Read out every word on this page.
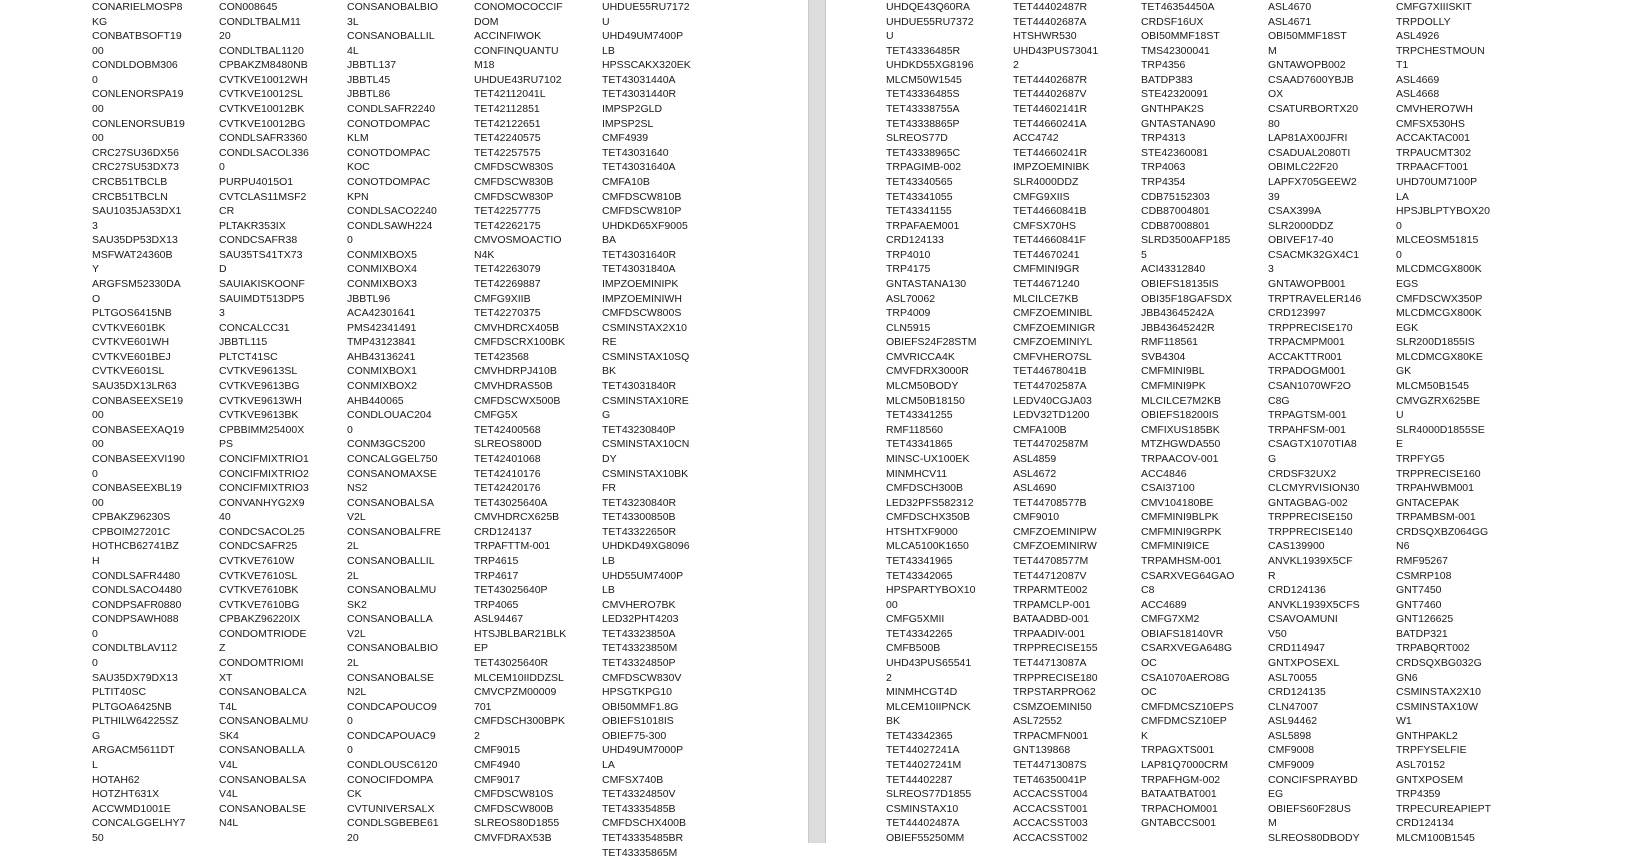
CONARIELMOSP8
KG
CONBATBSOFT19
00
CONDLDOBM306
0
CONLENORSPA19
00
CONLENORSUB19
00
CRC27SU36DX56
CRC27SU53DX73
CRCB51TBCLB
CRCB51TBCLN
SAU1035JA53DX1
3
SAU35DP53DX13
MSFWAT24360B
Y
ARGFSM52330DA
O
PLTGOS6415NB
CVTKVE601BK
CVTKVE601WH
CVTKVE601BEJ
CVTKVE601SL
SAU35DX13LR63
CONBASEEXSE19
00
CONBASEEXAQ19
00
CONBASEEXVI190
0
CONBASEEXBL19
00
CPBAKZ96230S
CPBOIM27201C
HOTHCB62741BZ
H
CONDLSAFR4480
CONDLSACO4480
CONDPSAFR0880
CONDPSAWH088
0
CONDLTBLAV112
0
SAU35DX79DX13
PLTIT40SC
PLTGOA6425NB
PLTHILW64225SZ
G
ARGACM5611DT
L
HOTAH62
HOTZHT631X
ACCWMD1001E
CONCALGGELHY7
50
CON008645
CONDLTBALM11
20
CONDLTBAL1120
CPBAKZM8480NB
CVTKVE10012WH
CVTKVE10012SL
CVTKVE10012BK
CVTKVE10012BG
CONDLSAFR3360
CONDLSACOL336
0
PURPU4015O1
CVTCLAS11MSF2
CR
PLTAKR353IX
CONDCSAFR38
SAU35TS41TX73
D
SAUIAKISKOONF
SAUIMDT513DP5
3
CONCALCC31
JBBTL115
PLTCT41SC
CVTKVE9613SL
CVTKVE9613BG
CVTKVE9613WH
CVTKVE9613BK
CPBBIMM25400X
PS
CONCIFMIXTRIO1
CONCIFMIXTRIO2
CONCIFMIXTRIO3
CONVANHYG2X9
40
CONDCSACOL25
CONDCSAFR25
CVTKVE7610W
CVTKVE7610SL
CVTKVE7610BK
CVTKVE7610BG
CPBAKZ96220IX
CONDOMTRIODE
Z
CONDOMTRIOMI
XT
CONSANOBALCA
T4L
CONSANOBALMU
SK4
CONSANOBALLA
V4L
CONSANOBALSA
V4L
CONSANOBALSE
N4L
CONSANOBALBIO
3L
CONSANOBALLIL
4L
JBBTL137
JBBTL45
JBBTL86
CONDLSAFR2240
CONOTDOMPAC
KLM
CONOTDOMPAC
KOC
CONOTDOMPAC
KPN
CONDLSACO2240
CONDLSAWH224
0
CONMIXBOX5
CONMIXBOX4
CONMIXBOX3
JBBTL96
ACA42301641
PMS42341491
TMP43123841
AHB43136241
CONMIXBOX1
CONMIXBOX2
AHB440065
CONDLOUAC204
0
CONM3GCS200
CONCALGGEL750
CONSANOMAXSE
NS2
CONSANOBALSA
V2L
CONSANOBALFRE
2L
CONSANOBALLIL
2L
CONSANOBALMU
SK2
CONSANOBALLA
V2L
CONSANOBALBIO
2L
CONSANOBALSE
N2L
CONDCAPOUCO9
0
CONDCAPOUAC9
0
CONDLOUSC6120
CONOCIFDOMPA
CK
CVTUNIVERSALX
CONDLSGBEBE61
20
CONOMOCOCCIF
DOM
ACCINFIWOK
CONFINQUANTU
M18
UHDUE43RU7102
TET42112041L
TET42112851
TET42122651
TET42240575
TET42257575
CMFDSCW830S
CMFDSCW830B
CMFDSCW830P
TET42257775
TET42262175
CMVOSMOACTIO
N4K
TET42263079
TET42269887
CMFG9XIIB
TET42270375
CMVHDRCX405B
CMFDSCRX100BK
TET423568
CMVHDRPJ410B
CMVHDRAS50B
CMFDSCWX500B
CMFG5X
TET42400568
SLREOS800D
TET42401068
TET42410176
TET42420176
TET43025640A
CMVHDRCX625B
CRD124137
TRPAFTTM-001
TRP4615
TRP4617
TET43025640P
TRP4065
ASL94467
HTSJBLBAR21BLK
EP
TET43025640R
MLCEM10IIDDZSL
CMVCPZM00009
701
CMFDSCH300BPK
2
CMF9015
CMF4940
CMF9017
CMFDSCW810S
CMFDSCW800B
SLREOS80D1855
CMVFDRAX53B
UHDUE55RU7172
U
UHD49UM7400P
LB
HPSSCAKX320EK
TET43031440A
TET43031440R
IMPSP2GLD
IMPSP2SL
CMF4939
TET43031640
TET43031640A
CMFA10B
CMFDSCW810B
CMFDSCW810P
UHDKD65XF9005
BA
TET43031640R
TET43031840A
IMPZOEMINIPK
IMPZOEMINIWH
CMFDSCW800S
CSMINSTAX2X10
RE
CSMINSTAX10SQ
BK
TET43031840R
CSMINSTAX10RE
G
TET43230840P
CSMINSTAX10CN
DY
CSMINSTAX10BK
FR
TET43230840R
TET43300850B
TET43322650R
UHDKD49XG8096
LB
UHD55UM7400P
LB
CMVHERO7BK
LED32PHT4203
TET43323850A
TET43323850M
TET43324850P
CMFDSCW830V
HPSGTKPG10
OBI50MMF1.8G
OBIEFS1018IS
OBIEF75-300
UHD49UM7000P
LA
CMFSX740B
TET43324850V
TET43335485B
CMFDSCHX400B
TET43335485BR
TET43335865M
UHDQE43Q60RA
UHDUE55RU7372
U
TET43336485R
UHDKD55XG8196
MLCM50W1545
TET43336485S
TET43338755A
TET43338865P
SLREOS77D
TET43338965C
TRPAGIMB-002
TET43340565
TET43341055
TET43341155
TRPAFAEM001
CRD124133
TRP4010
TRP4175
GNTASTANA130
ASL70062
TRP4009
CLN5915
OBIEFS24F28STM
CMVRICCA4K
CMVFDRX3000R
MLCM50BODY
MLCM50B18150
TET43341255
RMF118560
TET43341865
MINSC-UX100EK
MINMHCV11
CMFDSCH300B
LED32PFS582312
CMFDSCHX350B
HTSHTXF9000
MLCA5100K1650
TET43341965
TET43342065
HPSPARTYBOX10
00
CMFG5XMII
TET43342265
CMFB500B
UHD43PUS65541
2
MINMHCGT4D
MLCEM10IIPNCK
BK
TET43342365
TET44027241A
TET44027241M
TET44402287
SLREOS77D1855
CSMINSTAX10
TET44402487A
OBIEF55250MM
TET44402487R
TET44402687A
HTSHWR530
UHD43PUS73041
2
TET44402687R
TET44402687V
TET44602141R
TET44660241A
ACC4742
TET44660241R
IMPZOEMINIBK
SLR4000DDZ
CMFG9XIIS
TET44660841B
CMFSX70HS
TET44660841F
TET44670241
CMFMINI9GR
TET44671240
MLCILCE7KB
CMFZOEMINIBL
CMFZOEMINIGR
CMFZOEMINIYL
CMFVHERO7SL
TET44678041B
TET44702587A
LEDV40CGJA03
LEDV32TD1200
CMFA100B
TET44702587M
ASL4859
ASL4672
ASL4690
TET44708577B
CMF9010
CMFZOEMINIPW
CMFZOEMINIRW
TET44708577M
TET44712087V
TRPARMTE002
TRPAMCLP-001
BATAADBD-001
TRPAADIV-001
TRPPRECISE155
TET44713087A
TRPPRECISE180
TRPSTARPRO62
CSMZOEMINI50
ASL72552
TRPACMFN001
GNT139868
TET44713087S
TET46350041P
ACCACSST004
ACCACSST001
ACCACSST003
ACCACSST002
TET46354450A
CRDSF16UX
OBI50MMF18ST
TMS42300041
TRP4356
BATDP383
STE42320091
GNTHPAK2S
GNTASTANA90
TRP4313
STE42360081
TRP4063
TRP4354
CDB75152303
CDB87004801
CDB87008801
SLRD3500AFP185
5
ACI43312840
OBIEFS18135IS
OBI35F18GAFSDX
JBB43645242A
JBB43645242R
RMF118561
SVB4304
CMFMINI9BL
CMFMINI9PK
MLCILCE7M2KB
OBIEFS18200IS
CMFIXUS185BK
MTZHGWDA550
TRPAACOV-001
ACC4846
CSAI37100
CMV104180BE
CMFMINI9BLPK
CMFMINI9GRPK
CMFMINI9ICE
TRPAMHSM-001
CSARXVEG64GAO
C8
ACC4689
CMFG7XM2
OBIAFS18140VR
CSARXVEGA648G
OC
CSA1070AERO8G
OC
CMFDMCSZ10EPS
CMFDMCSZ10EP
K
TRPAGXTS001
LAP81Q7000CRM
TRPAFHGM-002
BATAATBAT001
TRPACHOM001
GNTABCCS001
ASL4670
ASL4671
OBI50MMF18ST
M
GNTAWOPB002
CSAAD7600YBJB
OX
CSATURBORTX20
80
LAP81AX00JFRI
CSADUAL2080TI
OBIMLC22F20
LAPFX705GEEW2
39
CSAX399A
SLR2000DDZ
OBIVEF17-40
CSACMK32GX4C1
3
GNTAWOPB001
TRPTRAVELER146
CRD123997
TRPPRECISE170
TRPACMPM001
ACCAKTTR001
TRPADOGM001
CSAN1070WF2O
C8G
TRPAGTSM-001
TRPAHFSM-001
CSAGTX1070TIA8
G
CRDSF32UX2
CLCMYRVISION30
GNTAGBAG-002
TRPPRECISE150
TRPPRECISE140
CAS139900
ANVKL1939X5CF
R
CRD124136
ANVKL1939X5CFS
CSAVOAMUNI
V50
CRD114947
GNTXPOSEXL
ASL70055
CRD124135
CLN47007
ASL94462
ASL5898
CMF9008
CMF9009
CONCIFSPRAYBD
EG
OBIEFS60F28US
M
SLREOS80DBODY
CMFG7XIIISKIT
TRPDOLLY
ASL4926
TRPCHESTMOUN
T1
ASL4669
ASL4668
CMVHERO7WH
CMFSX530HS
ACCAKTAC001
TRPAUCMT302
TRPAACFT001
UHD70UM7100P
LA
HPSJBLPTYBOX20
0
MLCEOSM51815
0
MLCDMCGX800K
EGS
CMFDSCWX350P
MLCDMCGX800K
EGK
SLR200D1855IS
MLCDMCGX80KE
GK
MLCM50B1545
CMVGZRX625BE
U
SLR4000D1855SE
E
TRPFYG5
TRPPRECISE160
TRPAHWBM001
GNTACEPAK
TRPAMBSM-001
CRDSQXBZ064GG
N6
RMF95267
CSMRP108
GNT7450
GNT7460
GNT126625
BATDP321
TRPABQRT002
CRDSQXBG032G
GN6
CSMINSTAX2X10
CSMINSTAX10W
W1
GNTHPAKL2
TRPFYSELFIE
ASL70152
GNTXPOSEM
TRP4359
TRPECUREAPIEPT
CRD124134
MLCM100B1545
